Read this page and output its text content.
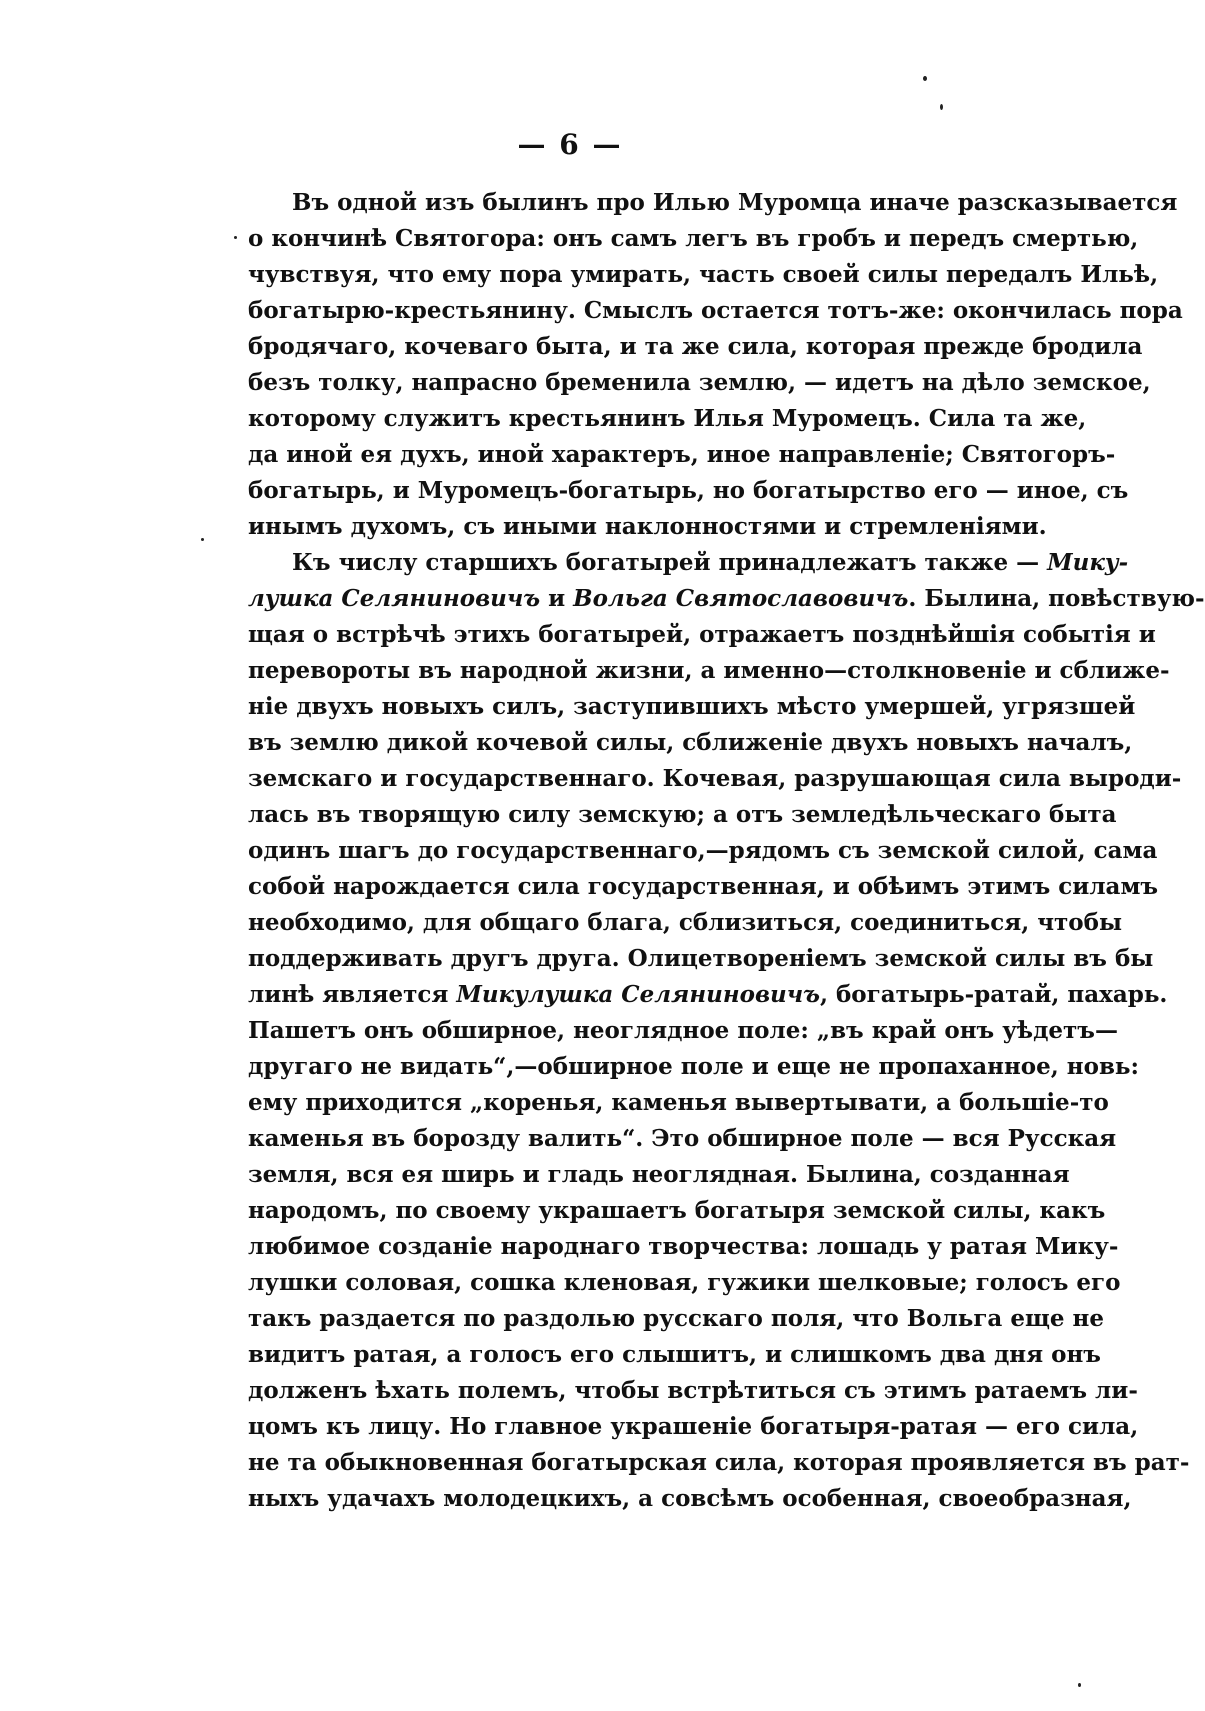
— 6 —
Въ одной изъ былинъ про Илью Муромца иначе разсказывается
о кончинѣ Святогора: онъ самъ легъ въ гробъ и передъ смертью,
чувствуя, что ему пора умирать, часть своей силы передалъ Ильѣ,
богатырю-крестьянину. Смыслъ остается тотъ-же: окончилась пора
бродячаго, кочеваго быта, и та же сила, которая прежде бродила
безъ толку, напрасно бременила землю, — идетъ на дѣло земское,
которому служитъ крестьянинъ Илья Муромецъ. Сила та же,
да иной ея духъ, иной характеръ, иное направленіе; Святогоръ-
богатырь, и Муромецъ-богатырь, но богатырство его — иное, съ
инымъ духомъ, съ иными наклонностями и стремленіями.
Къ числу старшихъ богатырей принадлежатъ также — Мику-
лушка Селяниновичъ и Вольга Святославовичъ. Былина, повѣствую-
щая о встрѣчѣ этихъ богатырей, отражаетъ позднѣйшія событія и
перевороты въ народной жизни, а именно—столкновеніе и сближе-
ніе двухъ новыхъ силъ, заступившихъ мѣсто умершей, угрязшей
въ землю дикой кочевой силы, сближеніе двухъ новыхъ началъ,
земскаго и государственнаго. Кочевая, разрушающая сила выроди-
лась въ творящую силу земскую; а отъ земледѣльческаго быта
одинъ шагъ до государственнаго,—рядомъ съ земской силой, сама
собой нарождается сила государственная, и обѣимъ этимъ силамъ
необходимо, для общаго блага, сблизиться, соединиться, чтобы
поддерживать другъ друга. Олицетвореніемъ земской силы въ бы
линѣ является Микулушка Селяниновичъ, богатырь-ратай, пахарь.
Пашетъ онъ обширное, неоглядное поле: „въ край онъ уѣдетъ—
другаго не видать“,—обширное поле и еще не пропаханное, новь:
ему приходится „коренья, каменья вывертывати, а большіе-то
каменья въ борозду валить“. Это обширное поле — вся Русская
земля, вся ея ширь и гладь неоглядная. Былина, созданная
народомъ, по своему украшаетъ богатыря земской силы, какъ
любимое созданіе народнаго творчества: лошадь у ратая Мику-
лушки соловая, сошка кленовая, гужики шелковые; голосъ его
такъ раздается по раздолью русскаго поля, что Вольга еще не
видитъ ратая, а голосъ его слышитъ, и слишкомъ два дня онъ
долженъ ѣхать полемъ, чтобы встрѣтиться съ этимъ ратаемъ ли-
цомъ къ лицу. Но главное украшеніе богатыря-ратая — его сила,
не та обыкновенная богатырская сила, которая проявляется въ рат-
ныхъ удачахъ молодецкихъ, а совсѣмъ особенная, своеобразная,
